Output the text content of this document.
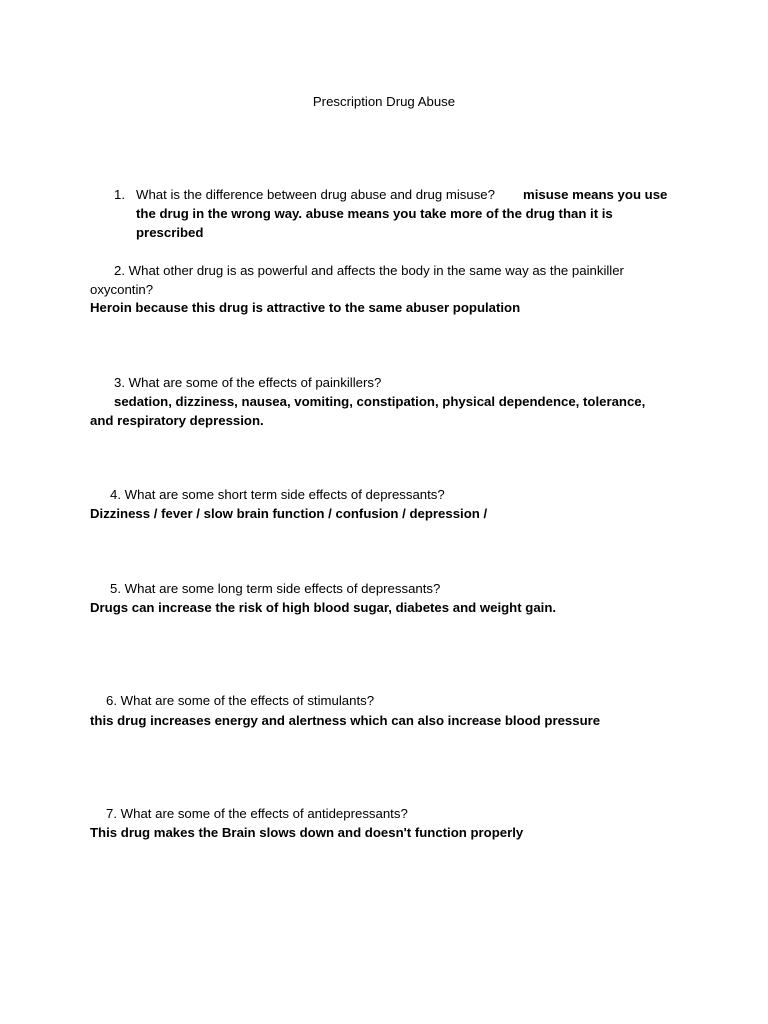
Prescription Drug Abuse
1. What is the difference between drug abuse and drug misuse? misuse means you use
the drug in the wrong way. abuse means you take more of the drug than it is
prescribed
2. What other drug is as powerful and affects the body in the same way as the painkiller
oxycontin?
Heroin because this drug is attractive to the same abuser population
3. What are some of the effects of painkillers?
sedation, dizziness, nausea, vomiting, constipation, physical dependence, tolerance,
and respiratory depression.
4. What are some short term side effects of depressants?
Dizziness / fever / slow brain function / confusion / depression /
5. What are some long term side effects of depressants?
Drugs can increase the risk of high blood sugar, diabetes and weight gain.
6. What are some of the effects of stimulants?
this drug increases energy and alertness which can also increase blood pressure
7. What are some of the effects of antidepressants?
This drug makes the Brain slows down and doesn't function properly
